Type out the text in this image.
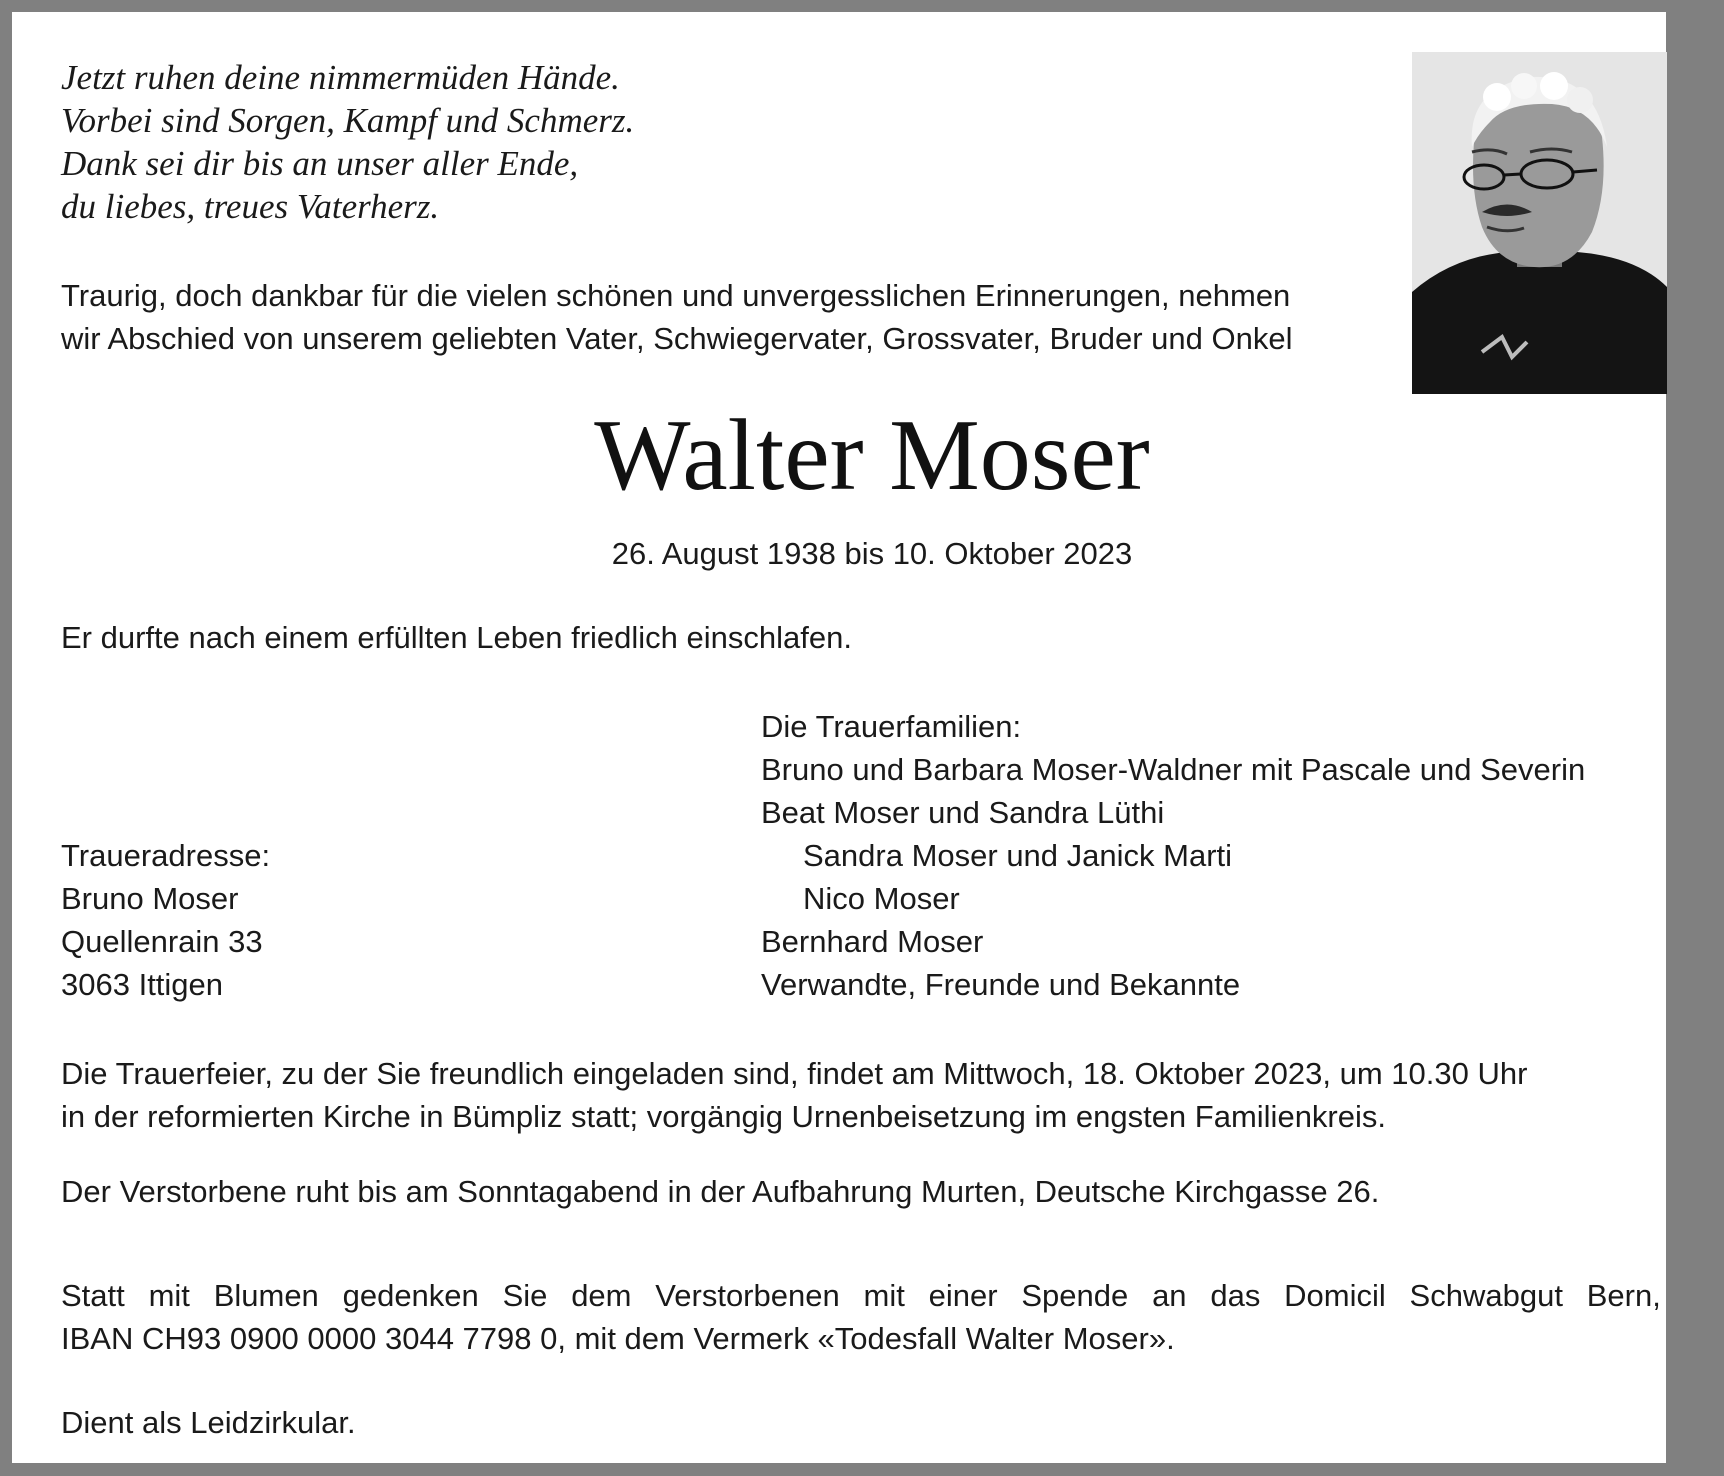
Jetzt ruhen deine nimmermüden Hände.
Vorbei sind Sorgen, Kampf und Schmerz.
Dank sei dir bis an unser aller Ende,
du liebes, treues Vaterherz.
Traurig, doch dankbar für die vielen schönen und unvergesslichen Erinnerungen, nehmen
wir Abschied von unserem geliebten Vater, Schwiegervater, Grossvater, Bruder und Onkel
Walter Moser
26. August 1938 bis 10. Oktober 2023
Er durfte nach einem erfüllten Leben friedlich einschlafen.
Die Trauerfamilien:
Bruno und Barbara Moser-Waldner mit Pascale und Severin
Beat Moser und Sandra Lüthi
Sandra Moser und Janick Marti
Nico Moser
Bernhard Moser
Verwandte, Freunde und Bekannte
Traueradresse:
Bruno Moser
Quellenrain 33
3063 Ittigen
Die Trauerfeier, zu der Sie freundlich eingeladen sind, findet am Mittwoch, 18. Oktober 2023, um 10.30 Uhr
in der reformierten Kirche in Bümpliz statt; vorgängig Urnenbeisetzung im engsten Familienkreis.
Der Verstorbene ruht bis am Sonntagabend in der Aufbahrung Murten, Deutsche Kirchgasse 26.
Statt mit Blumen gedenken Sie dem Verstorbenen mit einer Spende an das Domicil Schwabgut Bern,
IBAN CH93 0900 0000 3044 7798 0, mit dem Vermerk «Todesfall Walter Moser».
Dient als Leidzirkular.
